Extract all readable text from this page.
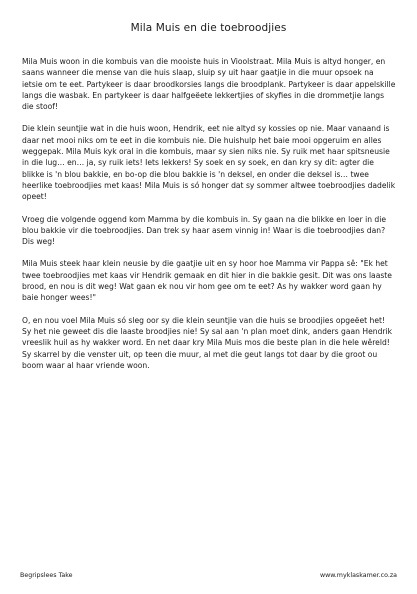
Mila Muis en die toebroodjies

Mila Muis woon in die kombuis van die mooiste huis in Vioolstraat. Mila Muis is altyd honger, en saans wanneer die mense van die huis slaap, sluip sy uit haar gaatjie in die muur opsoek na ietsie om te eet. Partykeer is daar broodkorsies langs die broodplank. Partykeer is daar appelskille langs die wasbak. En partykeer is daar halfgeëete lekkertjies of skyfies in die drommetjie langs die stoof!

Die klein seuntjie wat in die huis woon, Hendrik, eet nie altyd sy kossies op nie. Maar vanaand is daar net mooi niks om te eet in die kombuis nie. Die huishulp het baie mooi opgeruim en alles weggepak. Mila Muis kyk oral in die kombuis, maar sy sien niks nie. Sy ruik met haar spitsneusie in die lug… en… ja, sy ruik iets! Iets lekkers! Sy soek en sy soek, en dan kry sy dit: agter die blikke is 'n blou bakkie, en bo-op die blou bakkie is 'n deksel, en onder die deksel is… twee heerlike toebroodjies met kaas! Mila Muis is só honger dat sy sommer altwee toebroodjies dadelik opeet!

Vroeg die volgende oggend kom Mamma by die kombuis in. Sy gaan na die blikke en loer in die blou bakkie vir die toebroodjies. Dan trek sy haar asem vinnig in! Waar is die toebroodjies dan? Dis weg!

Mila Muis steek haar klein neusie by die gaatjie uit en sy hoor hoe Mamma vir Pappa sê: "Ek het twee toebroodjies met kaas vir Hendrik gemaak en dit hier in die bakkie gesit. Dit was ons laaste brood, en nou is dit weg! Wat gaan ek nou vir hom gee om te eet? As hy wakker word gaan hy baie honger wees!"

O, en nou voel Mila Muis só sleg oor sy die klein seuntjie van die huis se broodjies opgeëet het! Sy het nie geweet dis die laaste broodjies nie! Sy sal aan 'n plan moet dink, anders gaan Hendrik vreeslik huil as hy wakker word. En net daar kry Mila Muis mos die beste plan in die hele wêreld! Sy skarrel by die venster uit, op teen die muur, al met die geut langs tot daar by die groot ou boom waar al haar vriende woon.

Begripslees Take	www.myklaskamer.co.za
